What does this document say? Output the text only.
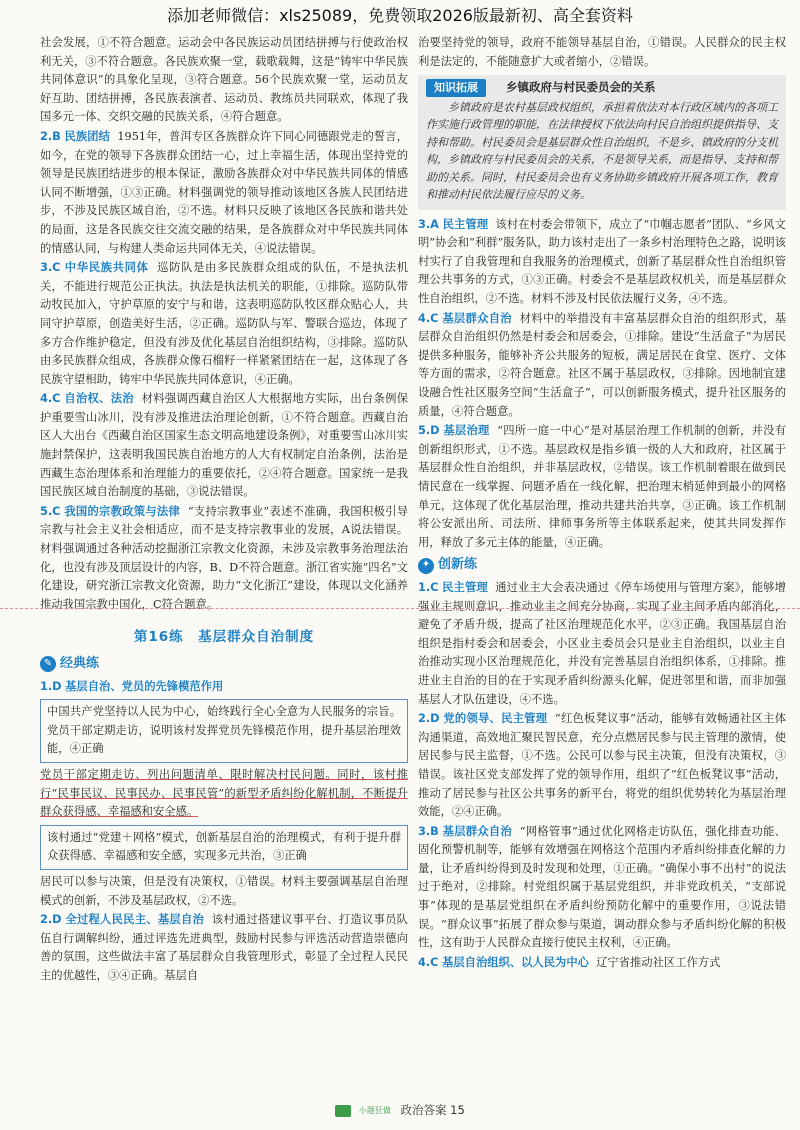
添加老师微信：xls25089，免费领取2026版最新初、高全套资料

社会发展，①不符合题意。运动会中各民族运动员团结拼搏与行使政治权利无关，③不符合题意。各民族欢聚一堂，载歌载舞，这是“铸牢中华民族共同体意识”的具象化呈现，③符合题意。56个民族欢聚一堂，运动员友好互助、团结拼搏，各民族表演者、运动员、教练员共同联欢，体现了我国多元一体、交织交融的民族关系，④符合题意。

2.B 民族团结 1951年，普洱专区各族群众许下同心同德跟党走的誓言，如今，在党的领导下各族群众团结一心，过上幸福生活，体现出坚持党的领导是民族团结进步的根本保证，激励各族群众对中华民族共同体的情感认同不断增强，①③正确。材料强调党的领导推动该地区各族人民团结进步，不涉及民族区域自治，②不选。材料只反映了该地区各民族和谐共处的局面，这是各民族交往交流交融的结果，是各族群众对中华民族共同体的情感认同，与构建人类命运共同体无关，④说法错误。

3.C 中华民族共同体 巡防队是由多民族群众组成的队伍，不是执法机关，不能进行规范公正执法。执法是执法机关的职能，①排除。巡防队带动牧民加入，守护草原的安宁与和谐，这表明巡防队牧区群众贴心人，共同守护草原，创造美好生活，②正确。巡防队与军、警联合巡边，体现了多方合作维护稳定，但没有涉及优化基层自治组织结构，③排除。巡防队由多民族群众组成，各族群众像石榴籽一样紧紧团结在一起，这体现了各民族守望相助，铸牢中华民族共同体意识，④正确。

4.C 自治权、法治 材料强调西藏自治区人大根据地方实际，出台条例保护重要雪山冰川，没有涉及推进法治理论创新，①不符合题意。西藏自治区人大出台《西藏自治区国家生态文明高地建设条例》，对重要雪山冰川实施封禁保护，这表明我国民族自治地方的人大有权制定自治条例，法治是西藏生态治理体系和治理能力的重要依托，②④符合题意。国家统一是我国民族区域自治制度的基础，③说法错误。

5.C 我国的宗教政策与法律 “支持宗教事业”表述不准确，我国积极引导宗教与社会主义社会相适应，而不是支持宗教事业的发展，A说法错误。材料强调通过各种活动挖掘浙江宗教文化资源，未涉及宗教事务治理法治化，也没有涉及顶层设计的内容，B、D不符合题意。浙江省实施“四名”文化建设，研究浙江宗教文化资源，助力“文化浙江”建设，体现以文化涵养推动我国宗教中国化，C符合题意。

第16练　基层群众自治制度
✎ 经典练

1.D 基层自治、党员的先锋模范作用

中国共产党坚持以人民为中心，始终践行全心全意为人民服务的宗旨。党员干部定期走访，说明该村发挥党员先锋模范作用，提升基层治理效能，④正确

党员干部定期走访、列出问题清单、限时解决村民问题。同时，该村推行“民事民议、民事民办、民事民管”的新型矛盾纠纷化解机制，不断提升群众获得感、幸福感和安全感。

该村通过“党建＋网格”模式，创新基层自治的治理模式，有利于提升群众获得感、幸福感和安全感，实现多元共治，③正确

居民可以参与决策，但是没有决策权，①错误。材料主要强调基层自治理模式的创新，不涉及基层政权，②不选。

2.D 全过程人民民主、基层自治 该村通过搭建议事平台、打造议事员队伍自行调解纠纷，通过评选先进典型，鼓励村民参与评选活动营造崇德向善的氛围，这些做法丰富了基层群众自我管理形式，彰显了全过程人民民主的优越性，③④正确。基层自

治要坚持党的领导，政府不能领导基层自治，①错误。人民群众的民主权利是法定的，不能随意扩大或者缩小，②错误。

知识拓展	乡镇政府与村民委员会的关系
乡镇政府是农村基层政权组织，承担着依法对本行政区域内的各项工作实施行政管理的职能，在法律授权下依法向村民自治组织提供指导、支持和帮助。村民委员会是基层群众性自治组织，不是乡、镇政府的分支机构，乡镇政府与村民委员会的关系，不是领导关系，而是指导、支持和帮助的关系。同时，村民委员会也有义务协助乡镇政府开展各项工作，教育和推动村民依法履行应尽的义务。

3.A 民主管理 该村在村委会带领下，成立了“巾帼志愿者”团队、“乡风文明”协会和“利群”服务队，助力该村走出了一条乡村治理特色之路，说明该村实行了自我管理和自我服务的治理模式，创新了基层群众性自治组织管理公共事务的方式，①③正确。村委会不是基层政权机关，而是基层群众性自治组织，②不选。材料不涉及村民依法履行义务，④不选。

4.C 基层群众自治 材料中的举措没有丰富基层群众自治的组织形式，基层群众自治组织仍然是村委会和居委会，①排除。建设“生活盒子”为居民提供多种服务，能够补齐公共服务的短板，满足居民在食堂、医疗、文体等方面的需求，②符合题意。社区不属于基层政权，③排除。因地制宜建设融合性社区服务空间“生活盒子”，可以创新服务模式，提升社区服务的质量，④符合题意。

5.D 基层治理 “四所一庭一中心”是对基层治理工作机制的创新，并没有创新组织形式，①不选。基层政权是指乡镇一级的人大和政府，社区属于基层群众性自治组织，并非基层政权，②错误。该工作机制着眼在做到民情民意在一线掌握、问题矛盾在一线化解，把治理末梢延伸到最小的网格单元，这体现了优化基层治理，推动共建共治共享，③正确。该工作机制将公安派出所、司法所、律师事务所等主体联系起来，使其共同发挥作用，释放了多元主体的能量，④正确。

✦ 创新练

1.C 民主管理 通过业主大会表决通过《停车场使用与管理方案》，能够增强业主规则意识，推动业主之间充分协商，实现了业主间矛盾内部消化，避免了矛盾升级，提高了社区治理规范化水平，②③正确。我国基层自治组织是指村委会和居委会，小区业主委员会只是业主自治组织，以业主自治推动实现小区治理规范化，并没有完善基层自治组织体系，①排除。推进业主自治的目的在于实现矛盾纠纷源头化解，促进邻里和谐，而非加强基层人才队伍建设，④不选。

2.D 党的领导、民主管理 “红色板凳议事”活动，能够有效畅通社区主体沟通渠道，高效地汇聚民智民意，充分点燃居民参与民主管理的激情，使居民参与民主监督，①不选。公民可以参与民主决策，但没有决策权，③错误。该社区党支部发挥了党的领导作用，组织了“红色板凳议事”活动，推动了居民参与社区公共事务的新平台，将党的组织优势转化为基层治理效能，②④正确。

3.B 基层群众自治 “网格管事”通过优化网格走访队伍，强化排查功能、固化预警机制等，能够有效增强在网格这个范围内矛盾纠纷排查化解的力量，让矛盾纠纷得到及时发现和处理，①正确。“确保小事不出村”的说法过于绝对，②排除。村党组织属于基层党组织，并非党政机关，“支部说事”体现的是基层党组织在矛盾纠纷预防化解中的重要作用，③说法错误。“群众议事”拓展了群众参与渠道，调动群众参与矛盾纠纷化解的积极性，这有助于人民群众直接行使民主权利，④正确。

4.C 基层自治组织、以人民为中心 辽宁省推动社区工作方式

小题狂做 政治答案 15
